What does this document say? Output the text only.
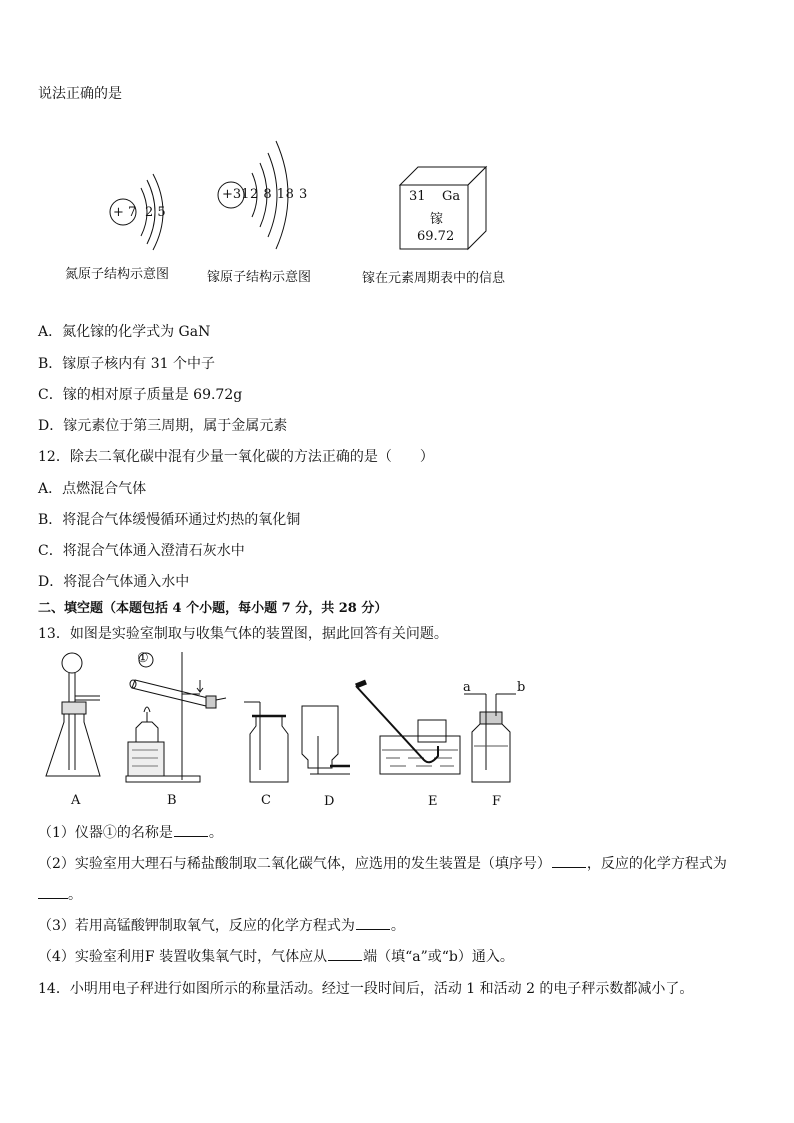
说法正确的是
+ 7 2 5
氮原子结构示意图
+31 2 8 18 3
镓原子结构示意图
31 Ga
镓
69.72
镓在元素周期表中的信息
A．氮化镓的化学式为 GaN
B．镓原子核内有 31 个中子
C．镓的相对原子质量是 69.72g
D．镓元素位于第三周期，属于金属元素
12．除去二氧化碳中混有少量一氧化碳的方法正确的是（　　）
A．点燃混合气体
B．将混合气体缓慢循环通过灼热的氧化铜
C．将混合气体通入澄清石灰水中
D．将混合气体通入水中
二、填空题（本题包括 4 个小题，每小题 7 分，共 28 分）
13．如图是实验室制取与收集气体的装置图，据此回答有关问题。
①
a	b
A	B	C	D	E	F
（1）仪器①的名称是	。
（2）实验室用大理石与稀盐酸制取二氧化碳气体，应选用的发生装置是（填序号）	，反应的化学方程式为
。
（3）若用高锰酸钾制取氧气，反应的化学方程式为	。
（4）实验室利用F 装置收集氧气时，气体应从	端（填“a”或“b）通入。
14．小明用电子秤进行如图所示的称量活动。经过一段时间后，活动 1 和活动 2 的电子秤示数都减小了。
